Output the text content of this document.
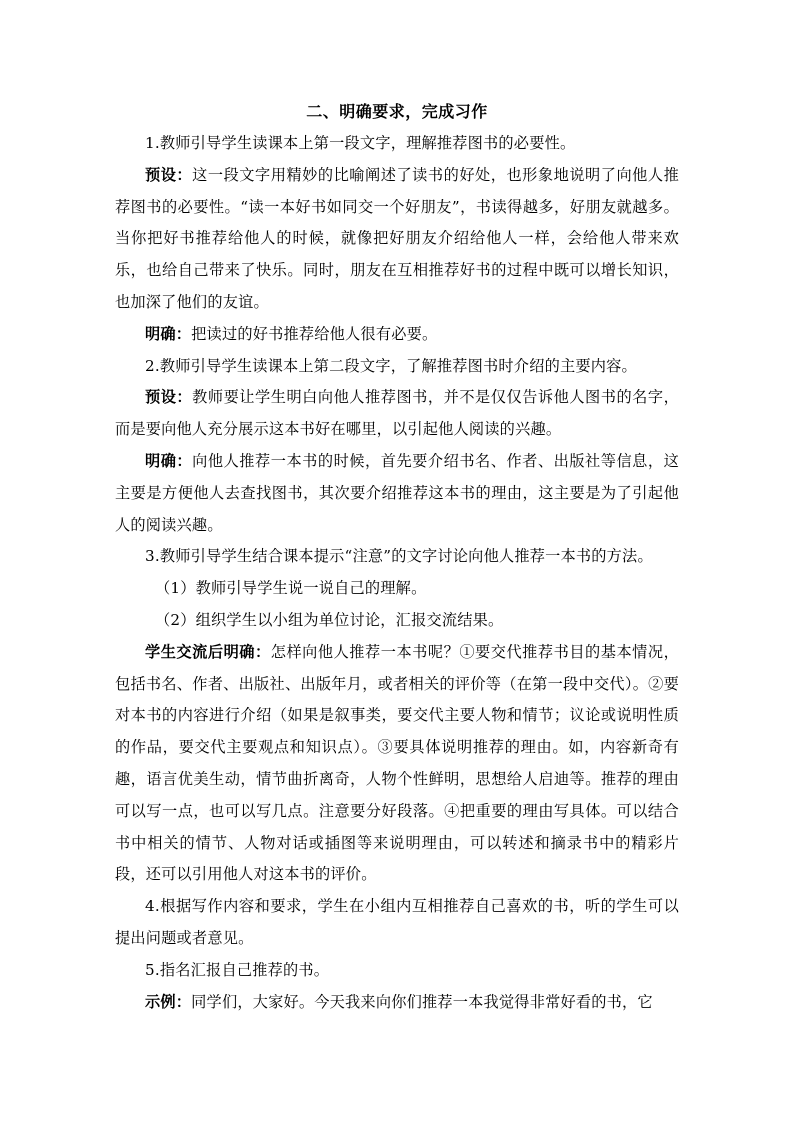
二、明确要求，完成习作

1.教师引导学生读课本上第一段文字，理解推荐图书的必要性。

预设：这一段文字用精妙的比喻阐述了读书的好处，也形象地说明了向他人推荐图书的必要性。“读一本好书如同交一个好朋友”，书读得越多，好朋友就越多。当你把好书推荐给他人的时候，就像把好朋友介绍给他人一样，会给他人带来欢乐，也给自己带来了快乐。同时，朋友在互相推荐好书的过程中既可以增长知识，也加深了他们的友谊。

明确：把读过的好书推荐给他人很有必要。

2.教师引导学生读课本上第二段文字，了解推荐图书时介绍的主要内容。

预设：教师要让学生明白向他人推荐图书，并不是仅仅告诉他人图书的名字，而是要向他人充分展示这本书好在哪里，以引起他人阅读的兴趣。

明确：向他人推荐一本书的时候，首先要介绍书名、作者、出版社等信息，这主要是方便他人去查找图书，其次要介绍推荐这本书的理由，这主要是为了引起他人的阅读兴趣。

3.教师引导学生结合课本提示“注意”的文字讨论向他人推荐一本书的方法。

（1）教师引导学生说一说自己的理解。

（2）组织学生以小组为单位讨论，汇报交流结果。

学生交流后明确：怎样向他人推荐一本书呢？①要交代推荐书目的基本情况，包括书名、作者、出版社、出版年月，或者相关的评价等（在第一段中交代）。②要对本书的内容进行介绍（如果是叙事类，要交代主要人物和情节；议论或说明性质的作品，要交代主要观点和知识点）。③要具体说明推荐的理由。如，内容新奇有趣，语言优美生动，情节曲折离奇，人物个性鲜明，思想给人启迪等。推荐的理由可以写一点，也可以写几点。注意要分好段落。④把重要的理由写具体。可以结合书中相关的情节、人物对话或插图等来说明理由，可以转述和摘录书中的精彩片段，还可以引用他人对这本书的评价。

4.根据写作内容和要求，学生在小组内互相推荐自己喜欢的书，听的学生可以提出问题或者意见。

5.指名汇报自己推荐的书。

示例：同学们，大家好。今天我来向你们推荐一本我觉得非常好看的书，它
